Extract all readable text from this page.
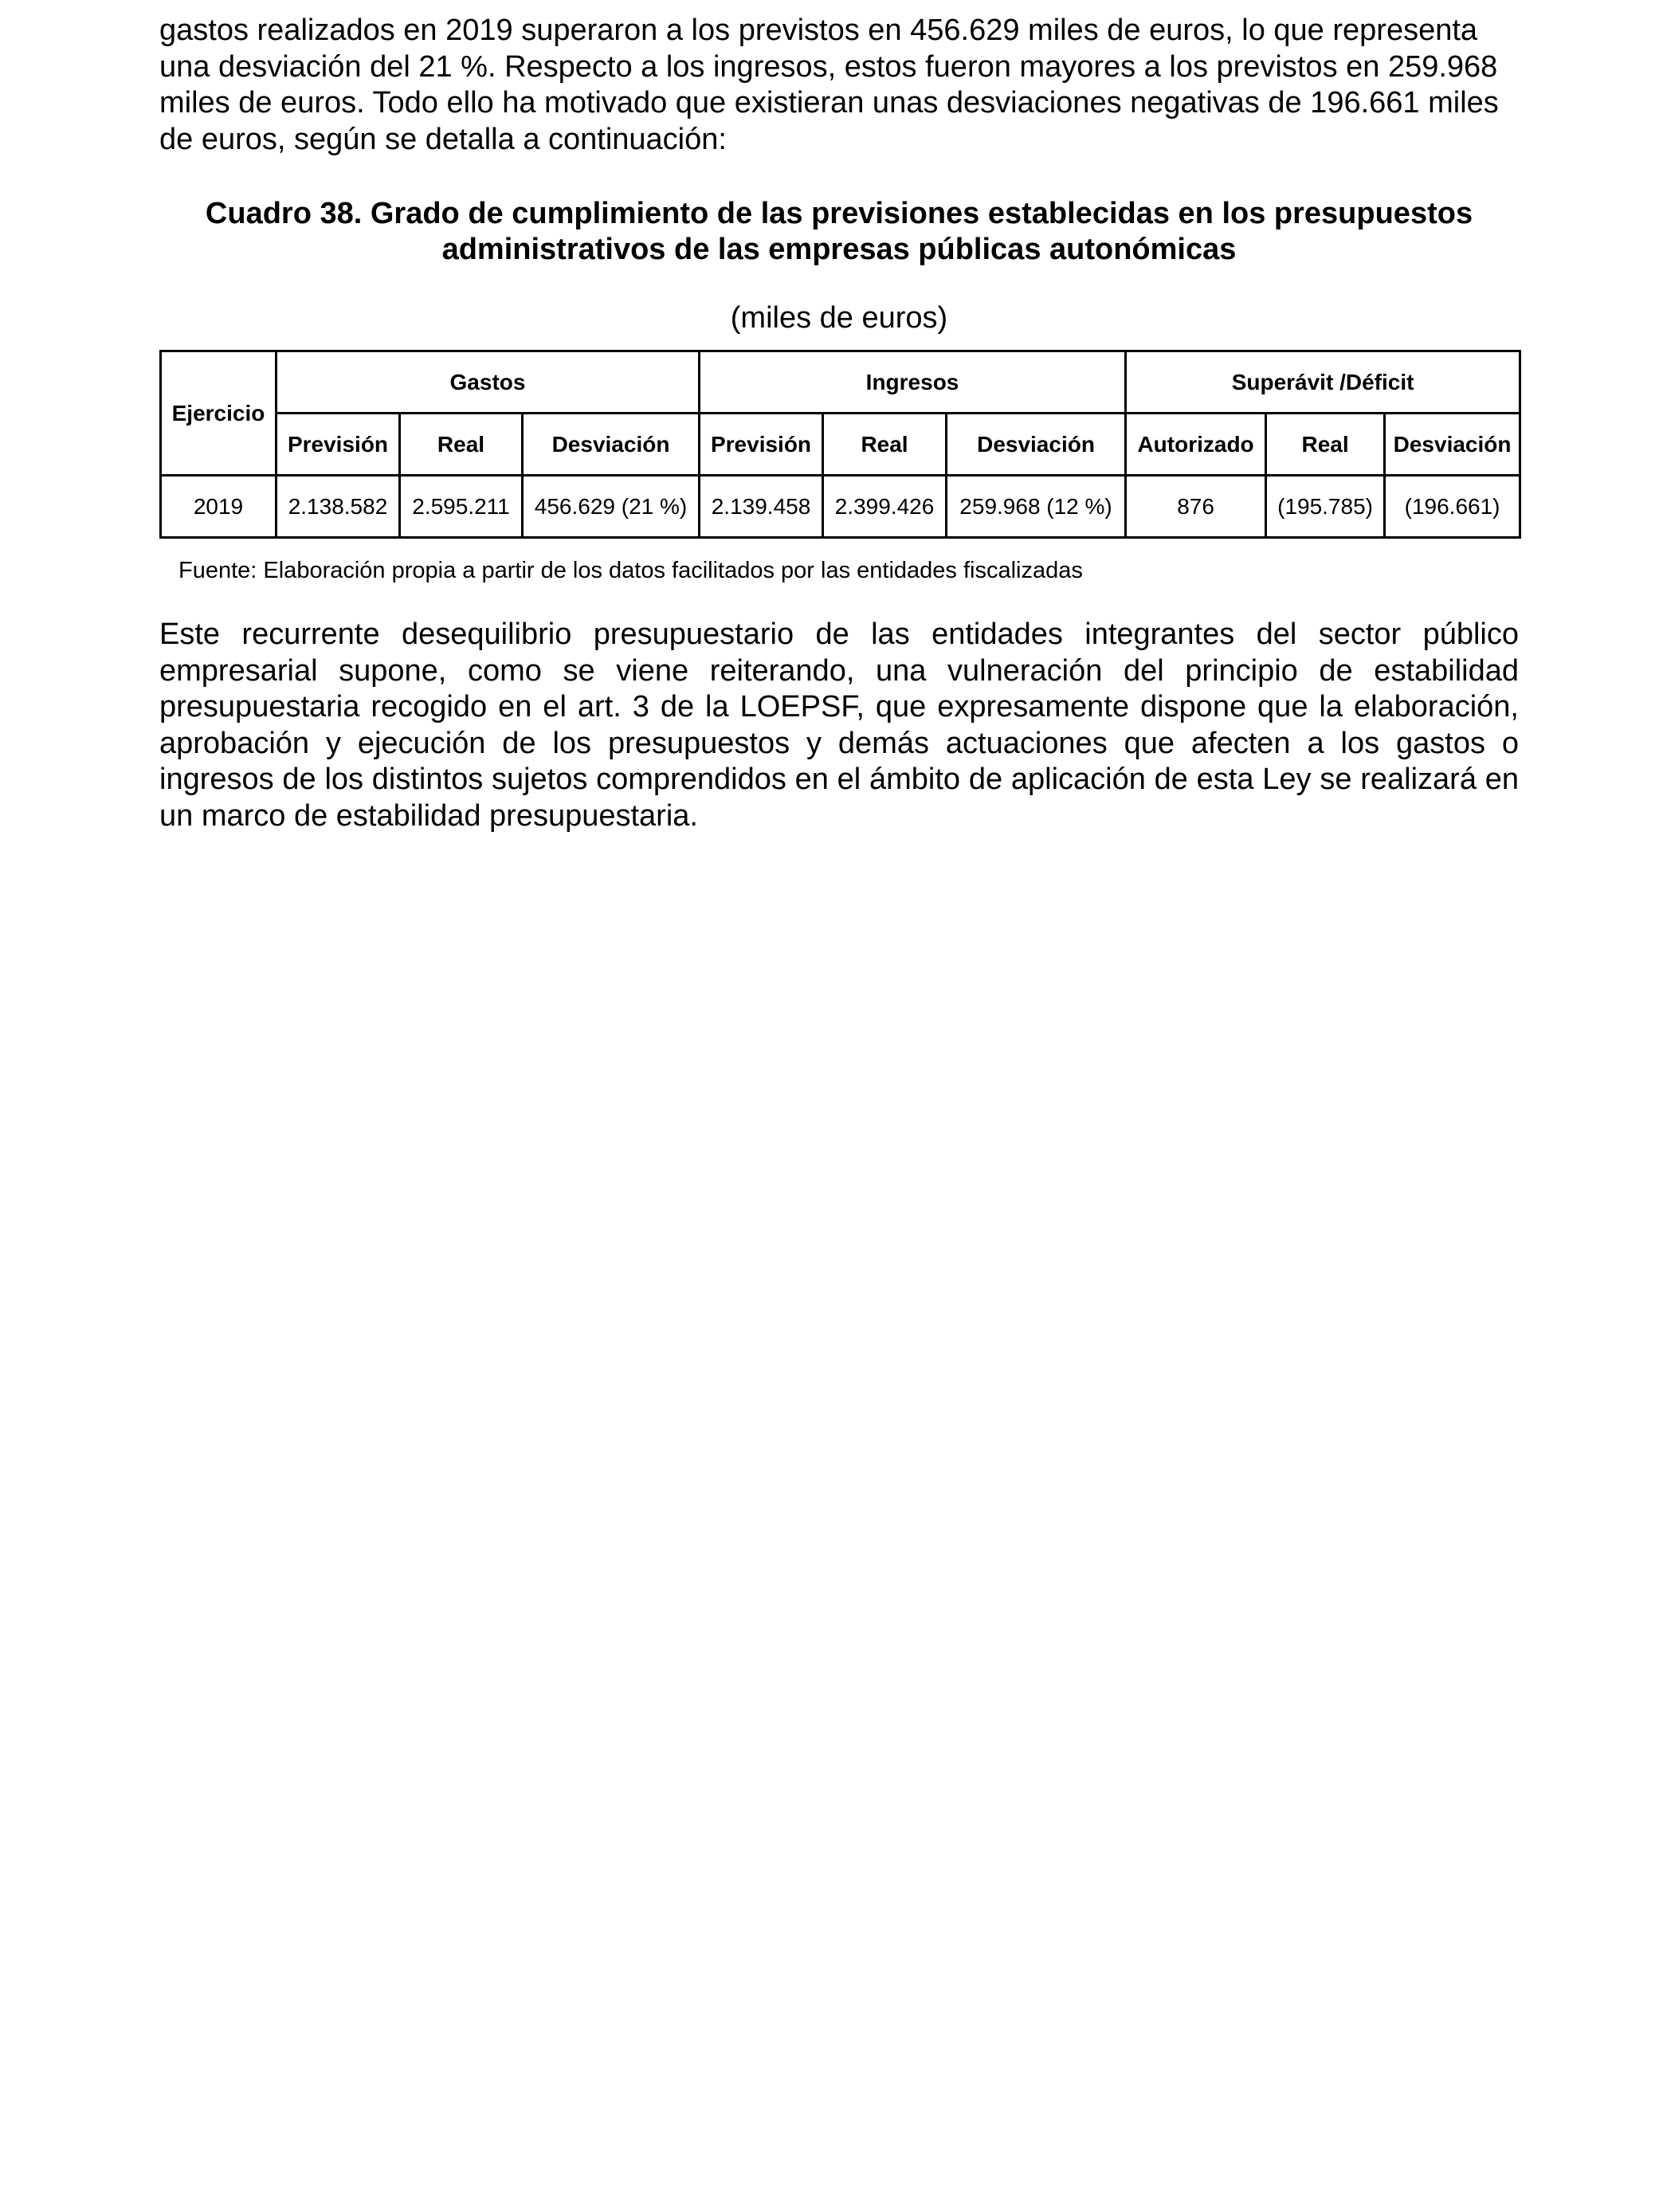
gastos realizados en 2019 superaron a los previstos en 456.629 miles de euros, lo que representa una desviación del 21 %. Respecto a los ingresos, estos fueron mayores a los previstos en 259.968 miles de euros. Todo ello ha motivado que existieran unas desviaciones negativas de 196.661 miles de euros, según se detalla a continuación:

Cuadro 38. Grado de cumplimiento de las previsiones establecidas en los presupuestos
administrativos de las empresas públicas autonómicas
(miles de euros)
Ejercicio	Gastos			Ingresos			Superávit /Déficit		
	Previsión	Real	Desviación	Previsión	Real	Desviación	Autorizado	Real	Desviación
2019	2.138.582	2.595.211	456.629 (21 %)	2.139.458	2.399.426	259.968 (12 %)	876	(195.785)	(196.661)
Fuente: Elaboración propia a partir de los datos facilitados por las entidades fiscalizadas

Este recurrente desequilibrio presupuestario de las entidades integrantes del sector público empresarial supone, como se viene reiterando, una vulneración del principio de estabilidad presupuestaria recogido en el art. 3 de la LOEPSF, que expresamente dispone que la elaboración, aprobación y ejecución de los presupuestos y demás actuaciones que afecten a los gastos o ingresos de los distintos sujetos comprendidos en el ámbito de aplicación de esta Ley se realizará en un marco de estabilidad presupuestaria.
